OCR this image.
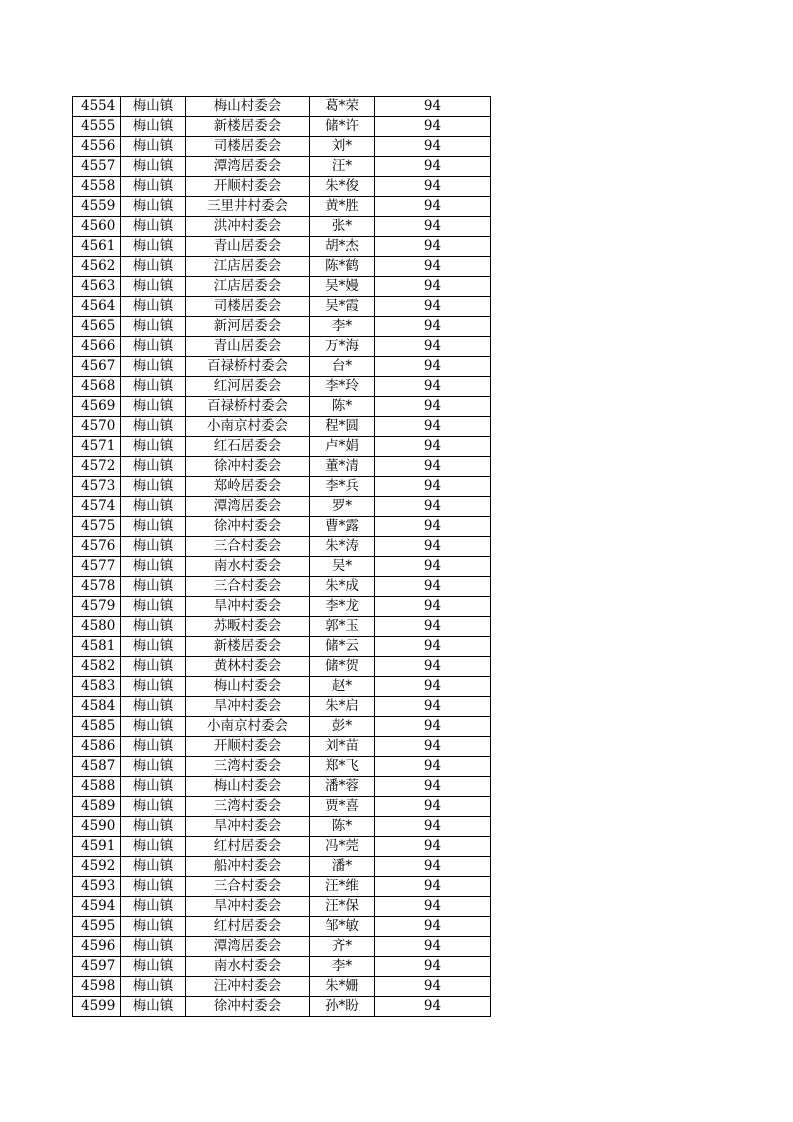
4554	梅山镇	梅山村委会	葛*荣	94
4555	梅山镇	新楼居委会	储*许	94
4556	梅山镇	司楼居委会	刘*	94
4557	梅山镇	潭湾居委会	汪*	94
4558	梅山镇	开顺村委会	朱*俊	94
4559	梅山镇	三里井村委会	黄*胜	94
4560	梅山镇	洪冲村委会	张*	94
4561	梅山镇	青山居委会	胡*杰	94
4562	梅山镇	江店居委会	陈*鹤	94
4563	梅山镇	江店居委会	吴*嫚	94
4564	梅山镇	司楼居委会	吴*霞	94
4565	梅山镇	新河居委会	李*	94
4566	梅山镇	青山居委会	万*海	94
4567	梅山镇	百禄桥村委会	台*	94
4568	梅山镇	红河居委会	李*玲	94
4569	梅山镇	百禄桥村委会	陈*	94
4570	梅山镇	小南京村委会	程*圆	94
4571	梅山镇	红石居委会	卢*娟	94
4572	梅山镇	徐冲村委会	董*清	94
4573	梅山镇	郑岭居委会	李*兵	94
4574	梅山镇	潭湾居委会	罗*	94
4575	梅山镇	徐冲村委会	曹*露	94
4576	梅山镇	三合村委会	朱*涛	94
4577	梅山镇	南水村委会	吴*	94
4578	梅山镇	三合村委会	朱*成	94
4579	梅山镇	旱冲村委会	李*龙	94
4580	梅山镇	苏畈村委会	郭*玉	94
4581	梅山镇	新楼居委会	储*云	94
4582	梅山镇	黄林村委会	储*贺	94
4583	梅山镇	梅山村委会	赵*	94
4584	梅山镇	旱冲村委会	朱*启	94
4585	梅山镇	小南京村委会	彭*	94
4586	梅山镇	开顺村委会	刘*苗	94
4587	梅山镇	三湾村委会	郑*飞	94
4588	梅山镇	梅山村委会	潘*蓉	94
4589	梅山镇	三湾村委会	贾*喜	94
4590	梅山镇	旱冲村委会	陈*	94
4591	梅山镇	红村居委会	冯*莞	94
4592	梅山镇	船冲村委会	潘*	94
4593	梅山镇	三合村委会	汪*维	94
4594	梅山镇	旱冲村委会	汪*保	94
4595	梅山镇	红村居委会	邹*敏	94
4596	梅山镇	潭湾居委会	齐*	94
4597	梅山镇	南水村委会	李*	94
4598	梅山镇	汪冲村委会	朱*姗	94
4599	梅山镇	徐冲村委会	孙*盼	94
